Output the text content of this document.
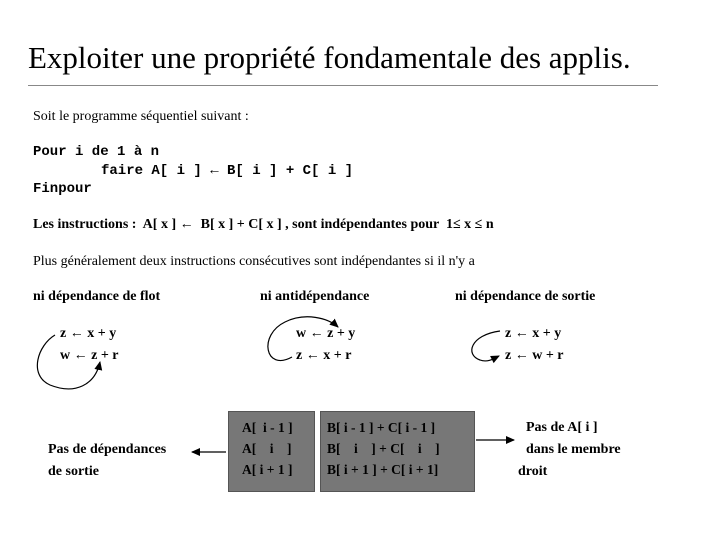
Exploiter une propriété fondamentale des applis.
Soit le programme séquentiel suivant :
Pour i de 1 à n
faire A[ i ] ← B[ i ] + C[ i ]
Finpour
Les instructions :  A[ x ] ←  B[ x ] + C[ x ] , sont indépendantes pour  1≤ x ≤ n
Plus généralement deux instructions consécutives sont indépendantes si il n'y a
ni dépendance de flot	ni antidépendance	ni dépendance de sortie
z ← x + y
w ← z + r
w ← z + y
z ← x + r
z ← x + y
z ← w + r
A[  i - 1 ]
A[    i    ]
A[ i + 1 ]
B[ i - 1 ] + C[ i - 1 ]
B[    i    ] + C[    i    ]
B[ i + 1 ] + C[ i + 1]
Pas de dépendances
de sortie
Pas de A[ i ]
dans le membre
droit
